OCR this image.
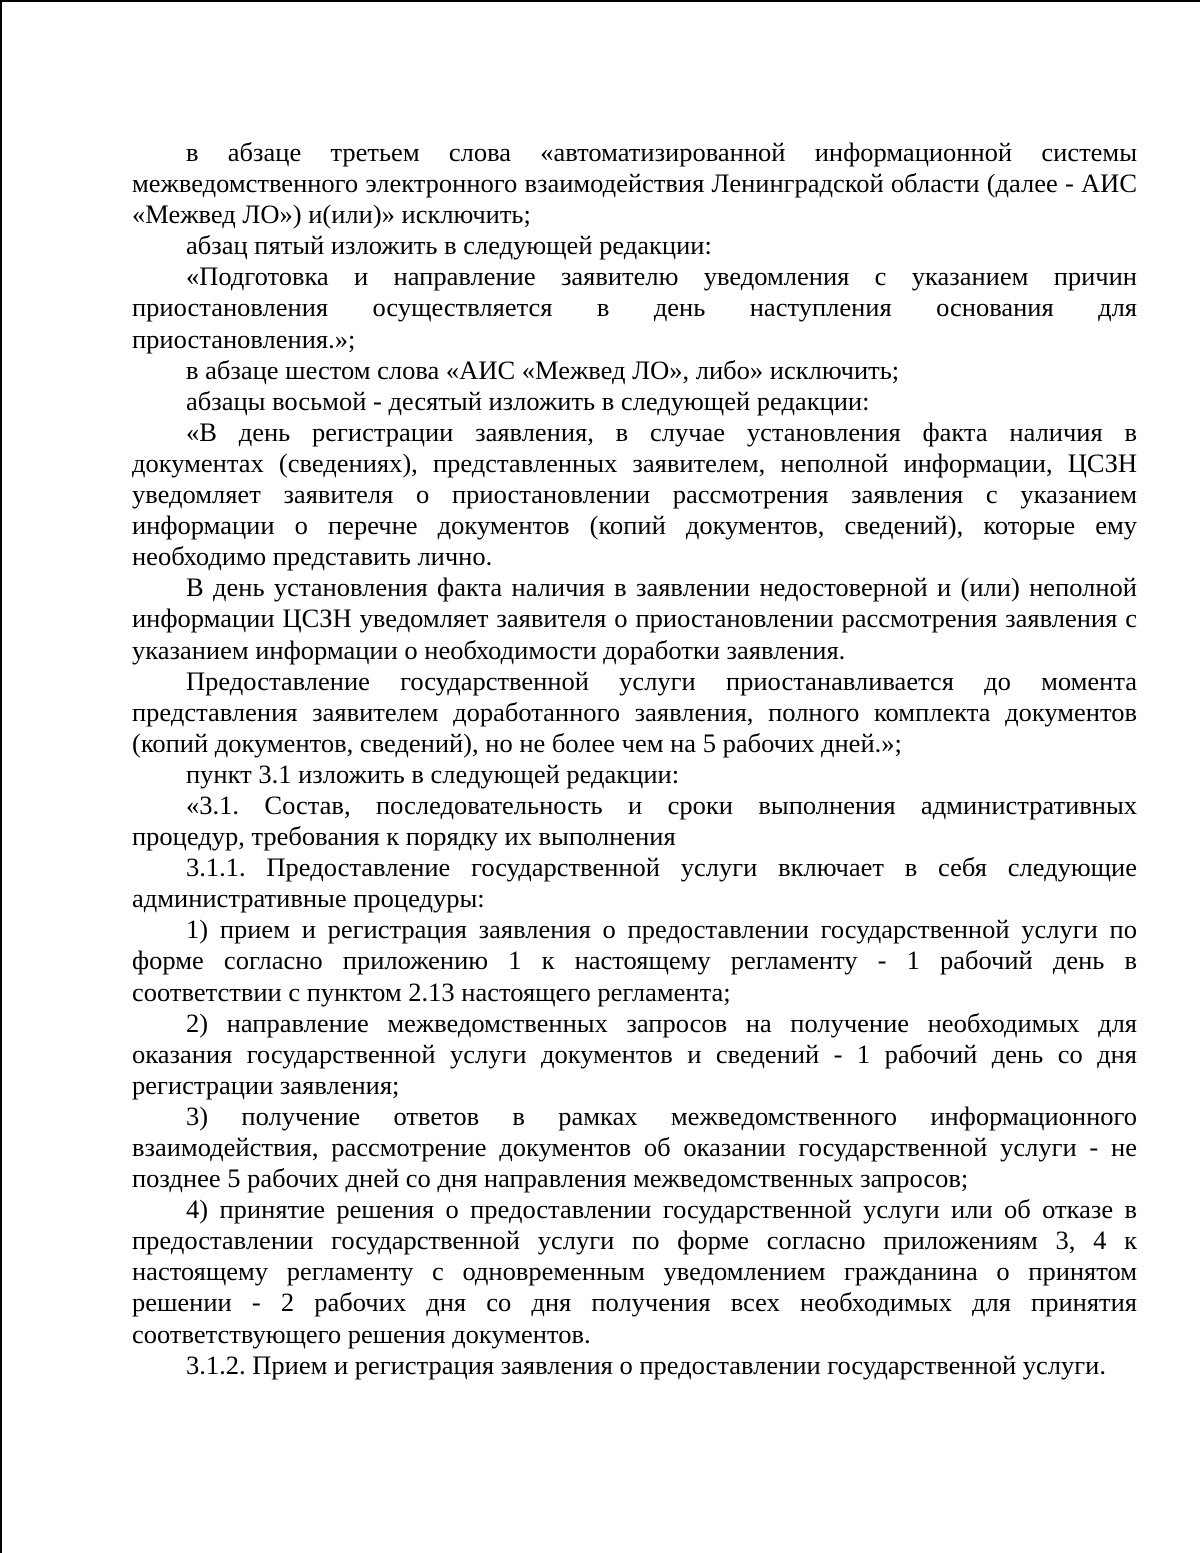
в абзаце третьем слова «автоматизированной информационной системы межведомственного электронного взаимодействия Ленинградской области (далее - АИС «Межвед ЛО») и(или)» исключить;

абзац пятый изложить в следующей редакции:

«Подготовка и направление заявителю уведомления с указанием причин приостановления осуществляется в день наступления основания для приостановления.»;

в абзаце шестом слова «АИС «Межвед ЛО», либо» исключить;

абзацы восьмой - десятый изложить в следующей редакции:

«В день регистрации заявления, в случае установления факта наличия в документах (сведениях), представленных заявителем, неполной информации, ЦСЗН уведомляет заявителя о приостановлении рассмотрения заявления с указанием информации о перечне документов (копий документов, сведений), которые ему необходимо представить лично.

В день установления факта наличия в заявлении недостоверной и (или) неполной информации ЦСЗН уведомляет заявителя о приостановлении рассмотрения заявления с указанием информации о необходимости доработки заявления.

Предоставление государственной услуги приостанавливается до момента представления заявителем доработанного заявления, полного комплекта документов (копий документов, сведений), но не более чем на 5 рабочих дней.»;

пункт 3.1 изложить в следующей редакции:

«3.1. Состав, последовательность и сроки выполнения административных процедур, требования к порядку их выполнения

3.1.1. Предоставление государственной услуги включает в себя следующие административные процедуры:

1) прием и регистрация заявления о предоставлении государственной услуги по форме согласно приложению 1 к настоящему регламенту - 1 рабочий день в соответствии с пунктом 2.13 настоящего регламента;

2) направление межведомственных запросов на получение необходимых для оказания государственной услуги документов и сведений - 1 рабочий день со дня регистрации заявления;

3) получение ответов в рамках межведомственного информационного взаимодействия, рассмотрение документов об оказании государственной услуги - не позднее 5 рабочих дней со дня направления межведомственных запросов;

4) принятие решения о предоставлении государственной услуги или об отказе в предоставлении государственной услуги по форме согласно приложениям 3, 4 к настоящему регламенту с одновременным уведомлением гражданина о принятом решении - 2 рабочих дня со дня получения всех необходимых для принятия соответствующего решения документов.

3.1.2. Прием и регистрация заявления о предоставлении государственной услуги.
